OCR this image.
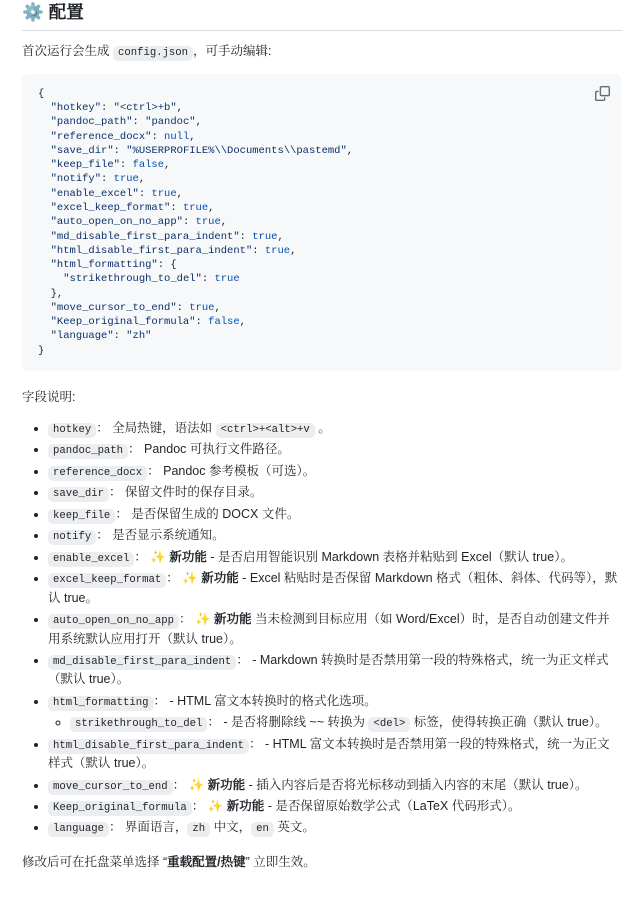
⚙️ 配置

首次运行会生成 config.json ，可手动编辑:

{
"hotkey": "<ctrl>+b",
"pandoc_path": "pandoc",
"reference_docx": null,
"save_dir": "%USERPROFILE%\\Documents\\pastemd",
"keep_file": false,
"notify": true,
"enable_excel": true,
"excel_keep_format": true,
"auto_open_on_no_app": true,
"md_disable_first_para_indent": true,
"html_disable_first_para_indent": true,
"html_formatting": {
"strikethrough_to_del": true
},
"move_cursor_to_end": true,
"Keep_original_formula": false,
"language": "zh"
}

字段说明:

• hotkey ： 全局热键，语法如 <ctrl>+<alt>+v 。
• pandoc_path ： Pandoc 可执行文件路径。
• reference_docx ： Pandoc 参考模板（可选）。
• save_dir ： 保留文件时的保存目录。
• keep_file ： 是否保留生成的 DOCX 文件。
• notify ： 是否显示系统通知。
• enable_excel ： ✨ 新功能 - 是否启用智能识别 Markdown 表格并粘贴到 Excel（默认 true）。
• excel_keep_format ： ✨ 新功能 - Excel 粘贴时是否保留 Markdown 格式（粗体、斜体、代码等），默认 true。
• auto_open_on_no_app ： ✨ 新功能 当未检测到目标应用（如 Word/Excel）时，是否自动创建文件并用系统默认应用打开（默认 true）。
• md_disable_first_para_indent ： - Markdown 转换时是否禁用第一段的特殊格式，统一为正文样式（默认 true）。
• html_formatting ： - HTML 富文本转换时的格式化选项。
◦ strikethrough_to_del ： - 是否将删除线 ~~ 转换为 <del> 标签，使得转换正确（默认 true）。
• html_disable_first_para_indent ： - HTML 富文本转换时是否禁用第一段的特殊格式，统一为正文样式（默认 true）。
• move_cursor_to_end ： ✨ 新功能 - 插入内容后是否将光标移动到插入内容的末尾（默认 true）。
• Keep_original_formula ： ✨ 新功能 - 是否保留原始数学公式（LaTeX 代码形式）。
• language ： 界面语言， zh 中文， en 英文。

修改后可在托盘菜单选择 “重载配置/热键” 立即生效。
